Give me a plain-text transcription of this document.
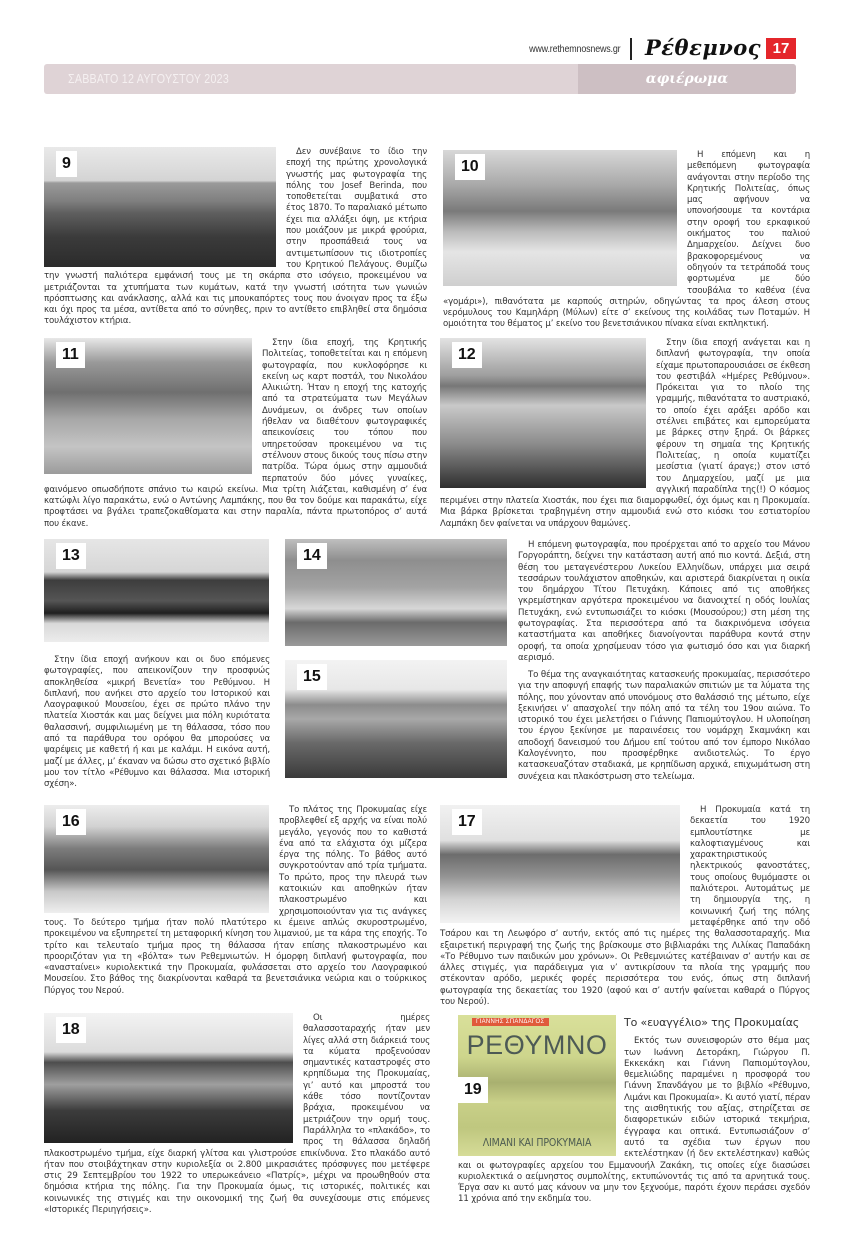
www.rethemnosnews.gr Ρέθεμνος 17
ΣΑΒΒΑΤΟ 12 ΑΥΓΟΥΣΤΟΥ 2023	αφιέρωμα
9

Δεν συνέβαινε το ίδιο την εποχή της πρώτης χρονολογικά γνωστής μας φωτογραφία της πόλης του Josef Berinda, που τοποθετείται συμβατικά στο έτος 1870. Το παραλιακό μέτωπο έχει πια αλλάξει όψη, με κτήρια που μοιάζουν με μικρά φρούρια, στην προσπάθειά τους να αντιμετωπίσουν τις ιδιοτροπίες του Κρητικού Πελάγους. Θυμίζω την γνωστή παλιότερα εμφάνισή τους με τη σκάρπα στο ισόγειο, προκειμένου να μετριάζονται τα χτυπήματα των κυμάτων, κατά την γνωστή ισότητα των γωνιών πρόσπτωσης και ανάκλασης, αλλά και τις μπουκαπόρτες τους που άνοιγαν προς τα έξω και όχι προς τα μέσα, αντίθετα από το σύνηθες, πριν το αντίθετο επιβληθεί στα δημόσια τουλάχιστον κτήρια.

10

Η επόμενη και η μεθεπόμενη φωτογραφία ανάγονται στην περίοδο της Κρητικής Πολιτείας, όπως μας αφήνουν να υπονοήσουμε τα κοντάρια στην οροφή του ερκαφικού οικήματος του παλιού Δημαρχείου. Δείχνει δυο βρακοφορεμένους να οδηγούν τα τετράποδά τους φορτωμένα με δύο τσουβάλια το καθένα (ένα «γομάρι»), πιθανότατα με καρπούς σιτηρών, οδηγώντας τα προς άλεση στους νερόμυλους του Καμηλάρη (Μύλων) είτε σ’ εκείνους της κοιλάδας των Ποταμών. Η ομοιότητα του θέματος μ’ εκείνο του βενετσιάνικου πίνακα είναι εκπληκτική.

11

Στην ίδια εποχή, της Κρητικής Πολιτείας, τοποθετείται και η επόμενη φωτογραφία, που κυκλοφόρησε κι εκείνη ως καρτ ποστάλ, του Νικολάου Αλικιώτη. Ήταν η εποχή της κατοχής από τα στρατεύματα των Μεγάλων Δυνάμεων, οι άνδρες των οποίων ήθελαν να διαθέτουν φωτογραφικές απεικονίσεις του τόπου που υπηρετούσαν προκειμένου να τις στέλνουν στους δικούς τους πίσω στην πατρίδα. Τώρα όμως στην αμμουδιά περπατούν δύο μόνες γυναίκες, φαινόμενο οπωσδήποτε σπάνιο τω καιρώ εκείνω. Μια τρίτη λιάζεται, καθισμένη σ’ ένα κατώφλι λίγο παρακάτω, ενώ ο Αντώνης Λαμπάκης, που θα τον δούμε και παρακάτω, είχε προφτάσει να βγάλει τραπεζοκαθίσματα και στην παραλία, πάντα πρωτοπόρος σ’ αυτά που έκανε.

12

Στην ίδια εποχή ανάγεται και η διπλανή φωτογραφία, την οποία είχαμε πρωτοπαρουσιάσει σε έκθεση του φεστιβάλ «Ημέρες Ρεθύμνου». Πρόκειται για το πλοίο της γραμμής, πιθανότατα το αυστριακό, το οποίο έχει αράξει αρόδο και στέλνει επιβάτες και εμπορεύματα με βάρκες στην ξηρά. Οι βάρκες φέρουν τη σημαία της Κρητικής Πολιτείας, η οποία κυματίζει μεσίστια (γιατί άραγε;) στον ιστό του Δημαρχείου, μαζί με μια αγγλική παραδίπλα της(!) Ο κόσμος περιμένει στην πλατεία Χιοστάκ, που έχει πια διαμορφωθεί, όχι όμως και η Προκυμαία. Μια βάρκα βρίσκεται τραβηγμένη στην αμμουδιά ενώ στο κιόσκι του εστιατορίου Λαμπάκη δεν φαίνεται να υπάρχουν θαμώνες.

13

Στην ίδια εποχή ανήκουν και οι δυο επόμενες φωτογραφίες, που απεικονίζουν την προσφυώς αποκληθείσα «μικρή Βενετία» του Ρεθύμνου. Η διπλανή, που ανήκει στο αρχείο του Ιστορικού και Λαογραφικού Μουσείου, έχει σε πρώτο πλάνο την πλατεία Χιοστάκ και μας δείχνει μια πόλη κυριότατα θαλασσινή, συμφιλιωμένη με τη θάλασσα, τόσο που από τα παράθυρα του ορόφου θα μπορούσες να ψαρέψεις με καθετή ή και με καλάμι. Η εικόνα αυτή, μαζί με άλλες, μ’ έκαναν να δώσω στο σχετικό βιβλίο μου τον τίτλο «Ρέθυμνο και θάλασσα. Μια ιστορική σχέση».

14

Η επόμενη φωτογραφία, που προέρχεται από το αρχείο του Μάνου Γοργοράπτη, δείχνει την κατάσταση αυτή από πιο κοντά. Δεξιά, στη θέση του μεταγενέστερου Λυκείου Ελληνίδων, υπάρχει μια σειρά τεσσάρων τουλάχιστον αποθηκών, και αριστερά διακρίνεται η οικία του δημάρχου Τίτου Πετυχάκη. Κάποιες από τις αποθήκες γκρεμίστηκαν αργότερα προκειμένου να διανοιχτεί η οδός Ιουλίας Πετυχάκη, ενώ εντυπωσιάζει το κιόσκι (Μουσούρου;) στη μέση της φωτογραφίας. Στα περισσότερα από τα διακρινόμενα ισόγεια καταστήματα και αποθήκες διανοίγονται παράθυρα κοντά στην οροφή, τα οποία χρησίμευαν τόσο για φωτισμό όσο και για διαρκή αερισμό.

15	Το θέμα της αναγκαιότητας κατασκευής προκυμαίας, περισσότερο για την αποφυγή επαφής των παραλιακών σπιτιών με τα λύματα της πόλης, που χύνονταν από υπονόμους στο θαλάσσιό της μέτωπο, είχε ξεκινήσει ν’ απασχολεί την πόλη από τα τέλη του 19ου αιώνα. Το ιστορικό του έχει μελετήσει ο Γιάννης Παπιομύτογλου. Η υλοποίηση του έργου ξεκίνησε με παραινέσεις του νομάρχη Σκαμνάκη και αποδοχή δανεισμού του Δήμου επί τούτου από τον έμπορο Νικόλαο Καλογέννητο, που προσφέρθηκε ανιδιοτελώς. Το έργο κατασκευαζόταν σταδιακά, με κρηπίδωση αρχικά, επιχωμάτωση στη συνέχεια και πλακόστρωση στο τελείωμα.

16

Το πλάτος της Προκυμαίας είχε προβλεφθεί εξ αρχής να είναι πολύ μεγάλο, γεγονός που το καθιστά ένα από τα ελάχιστα όχι μίζερα έργα της πόλης. Το βάθος αυτό συγκροτούνταν από τρία τμήματα. Το πρώτο, προς την πλευρά των κατοικιών και αποθηκών ήταν πλακοστρωμένο και χρησιμοποιούνταν για τις ανάγκες τους. Το δεύτερο τμήμα ήταν πολύ πλατύτερο κι έμεινε απλώς σκυροστρωμένο, προκειμένου να εξυπηρετεί τη μεταφορική κίνηση του λιμανιού, με τα κάρα της εποχής. Το τρίτο και τελευταίο τμήμα προς τη θάλασσα ήταν επίσης πλακοστρωμένο και προοριζόταν για τη «βόλτα» των Ρεθεμνιωτών. Η όμορφη διπλανή φωτογραφία, που «ανασταίνει» κυριολεκτικά την Προκυμαία, φυλάσσεται στο αρχείο του Λαογραφικού Μουσείου. Στο βάθος της διακρίνονται καθαρά τα βενετσιάνικα νεώρια και ο τούρκικος Πύργος του Νερού.

17

Η Προκυμαία κατά τη δεκαετία του 1920 εμπλουτίστηκε με καλοφτιαγμένους και χαρακτηριστικούς ηλεκτρικούς φανοστάτες, τους οποίους θυμόμαστε οι παλιότεροι. Αυτομάτως με τη δημιουργία της, η κοινωνική ζωή της πόλης μεταφέρθηκε από την οδό Τσάρου και τη Λεωφόρο σ’ αυτήν, εκτός από τις ημέρες της θαλασσοταραχής. Μια εξαιρετική περιγραφή της ζωής της βρίσκουμε στο βιβλιαράκι της Λιλίκας Παπαδάκη «Το Ρέθυμνο των παιδικών μου χρόνων». Οι Ρεθεμνιώτες κατέβαιναν σ’ αυτήν και σε άλλες στιγμές, για παράδειγμα για ν’ αντικρίσουν τα πλοία της γραμμής που στέκονταν αρόδο, μερικές φορές περισσότερα του ενός, όπως στη διπλανή φωτογραφία της δεκαετίας του 1920 (αφού και σ’ αυτήν φαίνεται καθαρά ο Πύργος του Νερού).

18

Οι ημέρες θαλασσοταραχής ήταν μεν λίγες αλλά στη διάρκειά τους τα κύματα προξενούσαν σημαντικές καταστροφές στο κρηπίδωμα της Προκυμαίας, γι’ αυτό και μπροστά του κάθε τόσο ποντίζονταν βράχια, προκειμένου να μετριάζουν την ορμή τους. Παράλληλα το «πλακάδο», το προς τη θάλασσα δηλαδή πλακοστρωμένο τμήμα, είχε διαρκή γλίτσα και γλιστρούσε επικίνδυνα. Στο πλακάδο αυτό ήταν που στοιβάχτηκαν στην κυριολεξία οι 2.800 μικρασιάτες πρόσφυγες που μετέφερε στις 29 Σεπτεμβρίου του 1922 το υπερωκεάνειο «Πατρίς», μέχρι να προωθηθούν στα δημόσια κτήρια της πόλης. Για την Προκυμαία όμως, τις ιστορικές, πολιτικές και κοινωνικές της στιγμές και την οικονομική της ζωή θα συνεχίσουμε στις επόμενες «Ιστορικές Περιηγήσεις».

ΓΙΑΝΝΗΣ ΣΠΑΝΔΑΓΟΣ
ΡΕΘΥΜΝΟ
19
ΛΙΜΑΝΙ ΚΑΙ ΠΡΟΚΥΜΑΙΑ

Το «ευαγγέλιο» της Προκυμαίας

Εκτός των συνεισφορών στο θέμα μας των Ιωάννη Δετοράκη, Γιώργου Π. Εκκεκάκη και Γιάννη Παπιομύτογλου, θεμελιώδης παραμένει η προσφορά του Γιάννη Σπανδάγου με το βιβλίο «Ρέθυμνο, Λιμάνι και Προκυμαία». Κι αυτό γιατί, πέραν της αισθητικής του αξίας, στηρίζεται σε διαφορετικών ειδών ιστορικά τεκμήρια, έγγραφα και οπτικά. Εντυπωσιάζουν σ’ αυτό τα σχέδια των έργων που εκτελέστηκαν (ή δεν εκτελέστηκαν) καθώς και οι φωτογραφίες αρχείου του Εμμανουήλ Ζακάκη, τις οποίες είχε διασώσει κυριολεκτικά ο αείμνηστος συμπολίτης, εκτυπώνοντάς τις από τα αρνητικά τους. Έργα σαν κι αυτό μας κάνουν να μην τον ξεχνούμε, παρότι έχουν περάσει σχεδόν 11 χρόνια από την εκδημία του.
